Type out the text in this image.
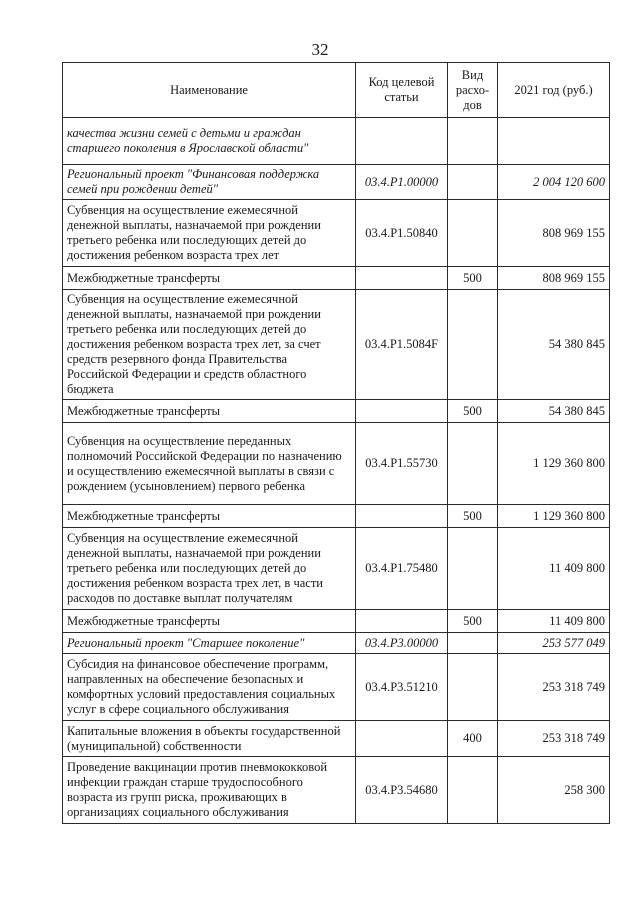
32
Наименование	Код целевой статьи	Вид расхо-дов	2021 год (руб.)
качества жизни семей с детьми и граждан старшего поколения в Ярославской области"			
Региональный проект "Финансовая поддержка семей при рождении детей"	03.4.P1.00000		2 004 120 600
Субвенция на осуществление ежемесячной денежной выплаты, назначаемой при рождении третьего ребенка или последующих детей до достижения ребенком возраста трех лет	03.4.P1.50840		808 969 155
Межбюджетные трансферты		500	808 969 155
Субвенция на осуществление ежемесячной денежной выплаты, назначаемой при рождении третьего ребенка или последующих детей до достижения ребенком возраста трех лет, за счет средств резервного фонда Правительства Российской Федерации и средств областного бюджета	03.4.P1.5084F		54 380 845
Межбюджетные трансферты		500	54 380 845
Субвенция на осуществление переданных полномочий Российской Федерации по назначению и осуществлению ежемесячной выплаты в связи с рождением (усыновлением) первого ребенка	03.4.P1.55730		1 129 360 800
Межбюджетные трансферты		500	1 129 360 800
Субвенция на осуществление ежемесячной денежной выплаты, назначаемой при рождении третьего ребенка или последующих детей до достижения ребенком возраста трех лет, в части расходов по доставке выплат получателям	03.4.P1.75480		11 409 800
Межбюджетные трансферты		500	11 409 800
Региональный проект "Старшее поколение"	03.4.P3.00000		253 577 049
Субсидия на финансовое обеспечение программ, направленных на обеспечение безопасных и комфортных условий предоставления социальных услуг в сфере социального обслуживания	03.4.P3.51210		253 318 749
Капитальные вложения в объекты государственной (муниципальной) собственности		400	253 318 749
Проведение вакцинации против пневмококковой инфекции граждан старше трудоспособного возраста из групп риска, проживающих в организациях социального обслуживания	03.4.P3.54680		258 300
